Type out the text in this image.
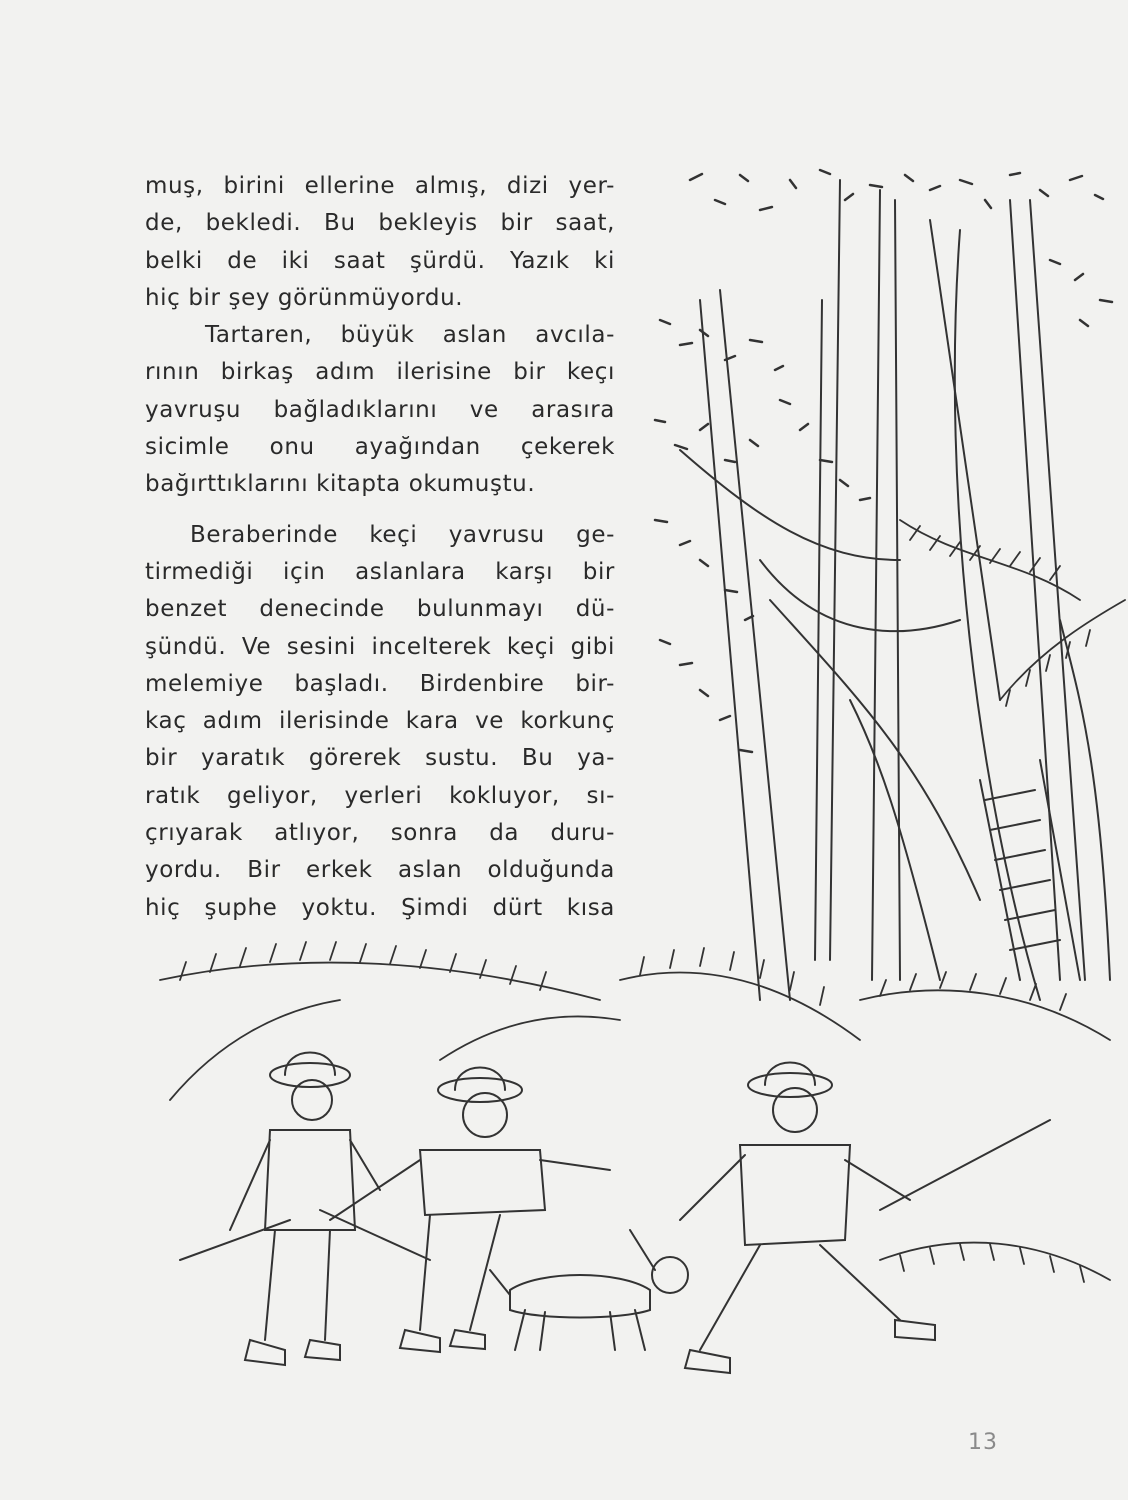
muş, birini ellerine almış, dizi yer-
de, bekledi. Bu bekleyis bir saat,
belki de iki saat şürdü. Yazık ki
hiç bir şey görünmüyordu.
Tartaren, büyük aslan avcıla-
rının birkaş adım ilerisine bir keçı
yavruşu bağladıklarını ve arasıra
sicimle onu ayağından çekerek
bağırttıklarını kitapta okumuştu.
Beraberinde keçi yavrusu ge-
tirmediği için aslanlara karşı bir
benzet denecinde bulunmayı dü-
şündü. Ve sesini incelterek keçi gibi
melemiye başladı. Birdenbire bir-
kaç adım ilerisinde kara ve korkunç
bir yaratık görerek sustu. Bu ya-
ratık geliyor, yerleri kokluyor, sı-
çrıyarak atlıyor, sonra da duru-
yordu. Bir erkek aslan olduğunda
hiç şuphe yoktu. Şimdi dürt kısa
13
